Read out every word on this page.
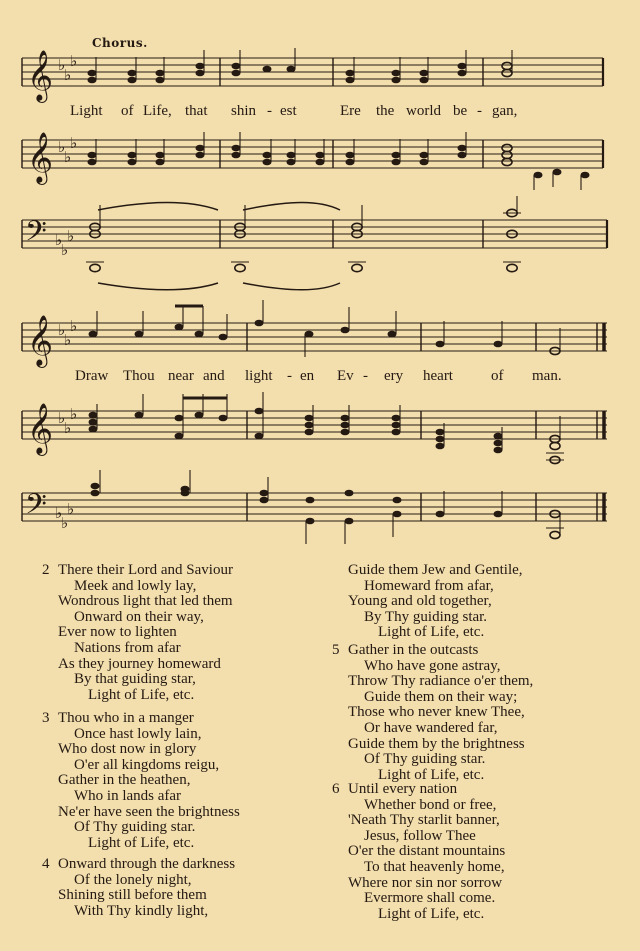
𝄞
𝄞
𝄢
♭
♭
♭
♭
♭
♭
♭
♭
♭
𝄞
𝄞
𝄢
♭
♭
♭
♭
♭
♭
♭
♭
♭
Chorus.
Light of Life, that shin - est	Ere the world be - gan,
Draw Thou near and light - en Ev - ery heart	of man.
2 There their Lord and Saviour
Meek and lowly lay,
Wondrous light that led them
Onward on their way,
Ever now to lighten
Nations from afar
As they journey homeward
By that guiding star,
Light of Life, etc.
3 Thou who in a manger
Once hast lowly lain,
Who dost now in glory
O'er all kingdoms reigu,
Gather in the heathen,
Who in lands afar
Ne'er have seen the brightness
Of Thy guiding star.
Light of Life, etc.
4 Onward through the darkness
Of the lonely night,
Shining still before them
With Thy kindly light,
Guide them Jew and Gentile,
Homeward from afar,
Young and old together,
By Thy guiding star.
Light of Life, etc.
5 Gather in the outcasts
Who have gone astray,
Throw Thy radiance o'er them,
Guide them on their way;
Those who never knew Thee,
Or have wandered far,
Guide them by the brightness
Of Thy guiding star.
Light of Life, etc.
6 Until every nation
Whether bond or free,
'Neath Thy starlit banner,
Jesus, follow Thee
O'er the distant mountains
To that heavenly home,
Where nor sin nor sorrow
Evermore shall come.
Light of Life, etc.
